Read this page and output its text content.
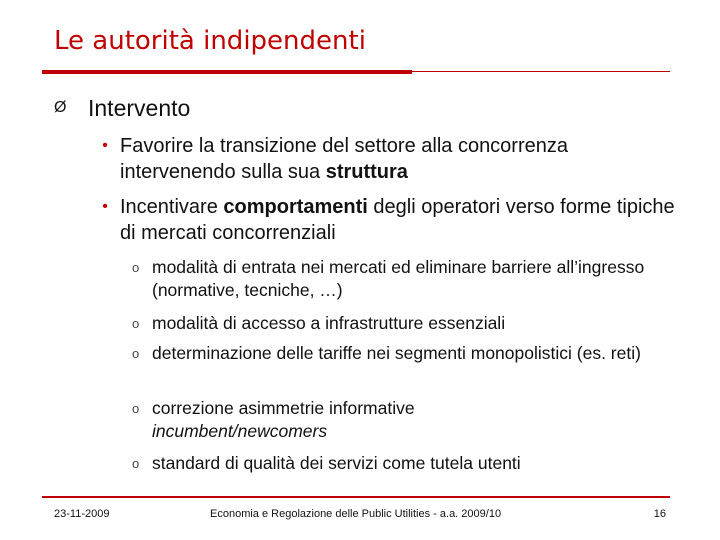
Le autorità indipendenti
Ø Intervento
• Favorire la transizione del settore alla concorrenza intervenendo sulla sua struttura
• Incentivare comportamenti degli operatori verso forme tipiche di mercati concorrenziali
o modalità di entrata nei mercati ed eliminare barriere all’ingresso (normative, tecniche, …)
o modalità di accesso a infrastrutture essenziali
o determinazione delle tariffe nei segmenti monopolistici (es. reti)
o correzione asimmetrie informative
incumbent/newcomers
o standard di qualità dei servizi come tutela utenti
23-11-2009	Economia e Regolazione delle Public Utilities - a.a. 2009/10	16
